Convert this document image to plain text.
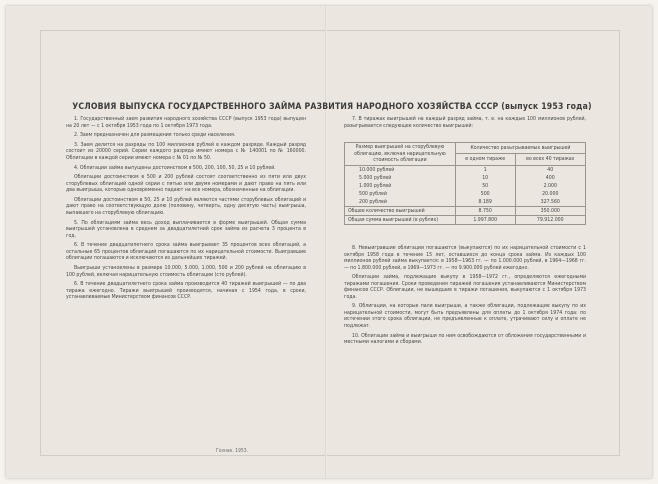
УСЛОВИЯ ВЫПУСКА ГОСУДАРСТВЕННОГО ЗАЙМА РАЗВИТИЯ НАРОДНОГО ХОЗЯЙСТВА СССР (выпуск 1953 года)

1. Государственный заем развития народного хозяйства СССР (выпуск 1953 года) выпущен на 20 лет — с 1 октября 1953 года по 1 октября 1973 года.

2. Заем предназначен для размещения только среди населения.

3. Заем делится на разряды по 100 миллионов рублей в каждом разряде. Каждый разряд состоит из 20000 серий. Серии каждого разряда имеют номера с № 140001 по № 160000. Облигации в каждой серии имеют номера с № 01 по № 50.

4. Облигации займа выпущены достоинством в 500, 200, 100, 50, 25 и 10 рублей.

Облигации достоинством в 500 и 200 рублей состоят соответственно из пяти или двух сторублевых облигаций одной серии с пятью или двумя номерами и дают право на пять или два выигрыша, которые одновременно падают на все номера, обозначенные на облигации.

Облигации достоинством в 50, 25 и 10 рублей являются частями сторублевых облигаций и дают право на соответствующую долю (половину, четверть, одну десятую часть) выигрыша, выпавшего на сторублевую облигацию.

5. По облигациям займа весь доход выплачивается в форме выигрышей. Общая сумма выигрышей установлена в среднем за двадцатилетний срок займа из расчета 3 процента в год.

6. В течение двадцатилетнего срока займа выигрывает 35 процентов всех облигаций, а остальные 65 процентов облигаций погашаются по их нарицательной стоимости. Выигравшие облигации погашаются и исключаются из дальнейших тиражей.

Выигрыши установлены в размере 10.000, 5.000, 1.000, 500 и 200 рублей на облигацию в 100 рублей, включая нарицательную стоимость облигации (сто рублей).

6. В течение двадцатилетнего срока займа производится 40 тиражей выигрышей — по два тиража ежегодно. Тиражи выигрышей производятся, начиная с 1954 года, в сроки, устанавливаемые Министерством финансов СССР.

7. В тиражах выигрышей на каждый разряд займа, т. е. на каждые 100 миллионов рублей, разыгрывается следующее количество выигрышей:

Размер выигрышей на сторублевую облигацию, включая нарицательную стоимость облигации	Количество разыгрываемых выигрышей	
	в одном тираже	во всех 40 тиражах
10.000 рублей	1	40
5.000 рублей	10	400
1.000 рублей	50	2.000
500 рублей	500	20.000
200 рублей	8.189	327.560
Общее количество выигрышей	8.750	350.000
Общая сумма выигрышей (в рублях)	1.997.800	79.912.000

8. Невыигравшие облигации погашаются (выкупаются) по их нарицательной стоимости с 1 октября 1958 года в течение 15 лет, оставшихся до конца срока займа. Из каждых 100 миллионов рублей займа выкупается: в 1958—1963 гг. — по 1.000.000 рублей, в 1964—1968 гг. — по 1.800.000 рублей, в 1969—1973 гг. — по 9.900.000 рублей ежегодно.

Облигации займа, подлежащие выкупу в 1958—1972 гг., определяются ежегодными тиражами погашения. Сроки проведения тиражей погашения устанавливаются Министерством финансов СССР. Облигации, не вышедшие в тиражи погашения, выкупаются с 1 октября 1973 года.

9. Облигации, на которые пали выигрыши, а также облигации, подлежащие выкупу по их нарицательной стоимости, могут быть предъявлены для оплаты до 1 октября 1974 года: по истечении этого срока облигации, не предъявленные к оплате, утрачивают силу и оплате не подлежат.

10. Облигации займа и выигрыши по ним освобождаются от обложения государственными и местными налогами и сборами.

Гознак. 1953.
